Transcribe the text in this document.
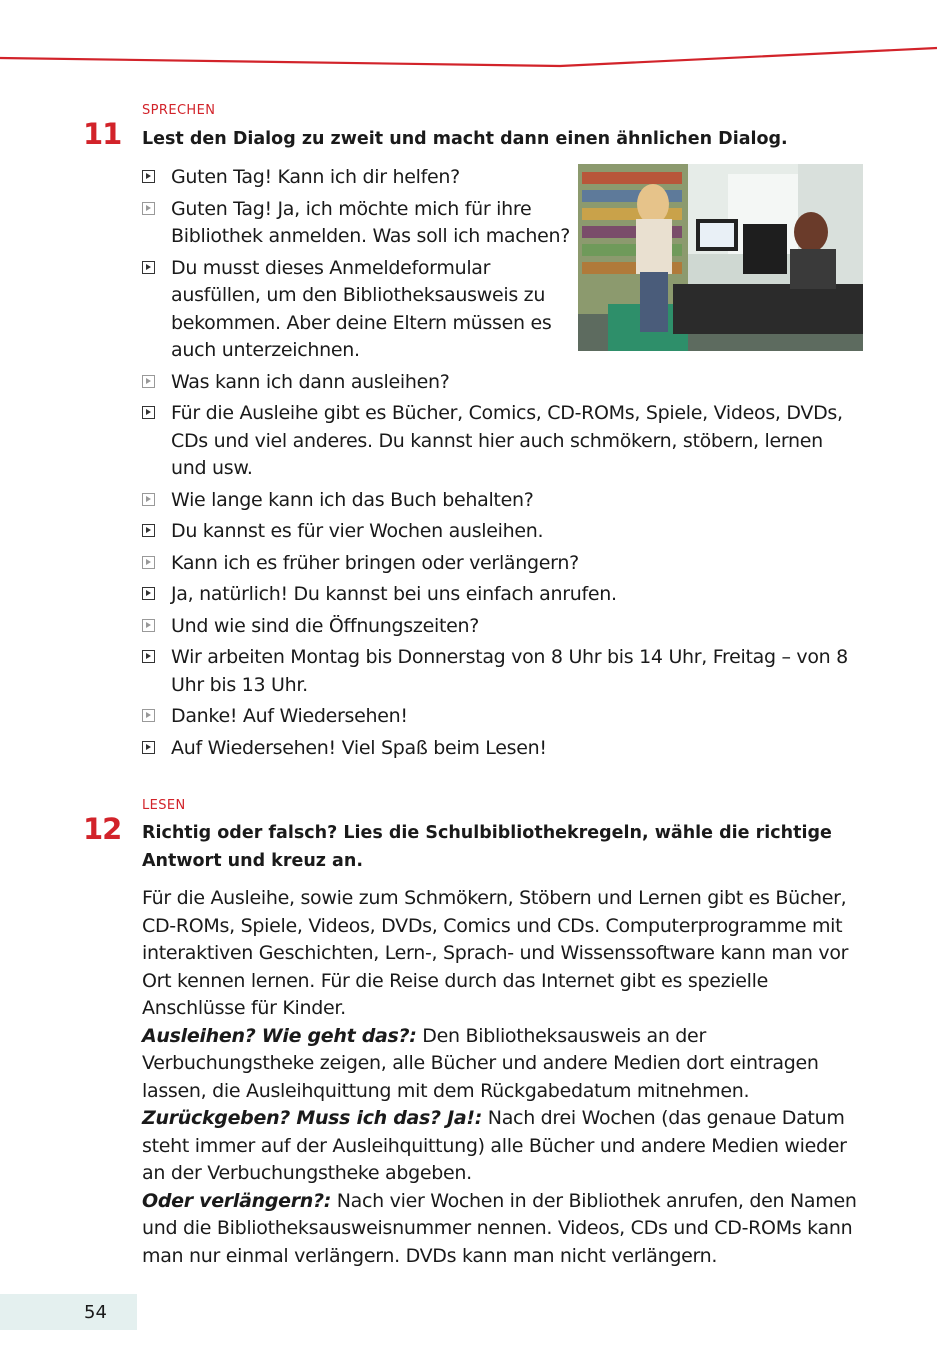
SPRECHEN
11 Lest den Dialog zu zweit und macht dann einen ähnlichen Dialog.
Guten Tag! Kann ich dir helfen?
Guten Tag! Ja, ich möchte mich für ihre Bibliothek anmelden. Was soll ich machen?
Du musst dieses Anmeldeformular ausfüllen, um den Bibliotheksausweis zu bekommen. Aber deine Eltern müssen es auch unterzeichnen.
Was kann ich dann ausleihen?
Für die Ausleihe gibt es Bücher, Comics, CD-ROMs, Spiele, Videos, DVDs, CDs und viel anderes. Du kannst hier auch schmökern, stöbern, lernen und usw.
Wie lange kann ich das Buch behalten?
Du kannst es für vier Wochen ausleihen.
Kann ich es früher bringen oder verlängern?
Ja, natürlich! Du kannst bei uns einfach anrufen.
Und wie sind die Öffnungszeiten?
Wir arbeiten Montag bis Donnerstag von 8 Uhr bis 14 Uhr, Freitag – von 8 Uhr bis 13 Uhr.
Danke! Auf Wiedersehen!
Auf Wiedersehen! Viel Spaß beim Lesen!
LESEN
12 Richtig oder falsch? Lies die Schulbibliothekregeln, wähle die richtige Antwort und kreuz an.

Für die Ausleihe, sowie zum Schmökern, Stöbern und Lernen gibt es Bücher, CD-ROMs, Spiele, Videos, DVDs, Comics und CDs. Computerprogramme mit interaktiven Geschichten, Lern-, Sprach- und Wissenssoftware kann man vor Ort kennen lernen. Für die Reise durch das Internet gibt es spezielle Anschlüsse für Kinder.

Ausleihen? Wie geht das?: Den Bibliotheksausweis an der Verbuchungstheke zeigen, alle Bücher und andere Medien dort eintragen lassen, die Ausleihquittung mit dem Rückgabedatum mitnehmen.

Zurückgeben? Muss ich das? Ja!: Nach drei Wochen (das genaue Datum steht immer auf der Ausleihquittung) alle Bücher und andere Medien wieder an der Verbuchungstheke abgeben.

Oder verlängern?: Nach vier Wochen in der Bibliothek anrufen, den Namen und die Bibliotheksausweisnummer nennen. Videos, CDs und CD-ROMs kann man nur einmal verlängern. DVDs kann man nicht verlängern.

54
